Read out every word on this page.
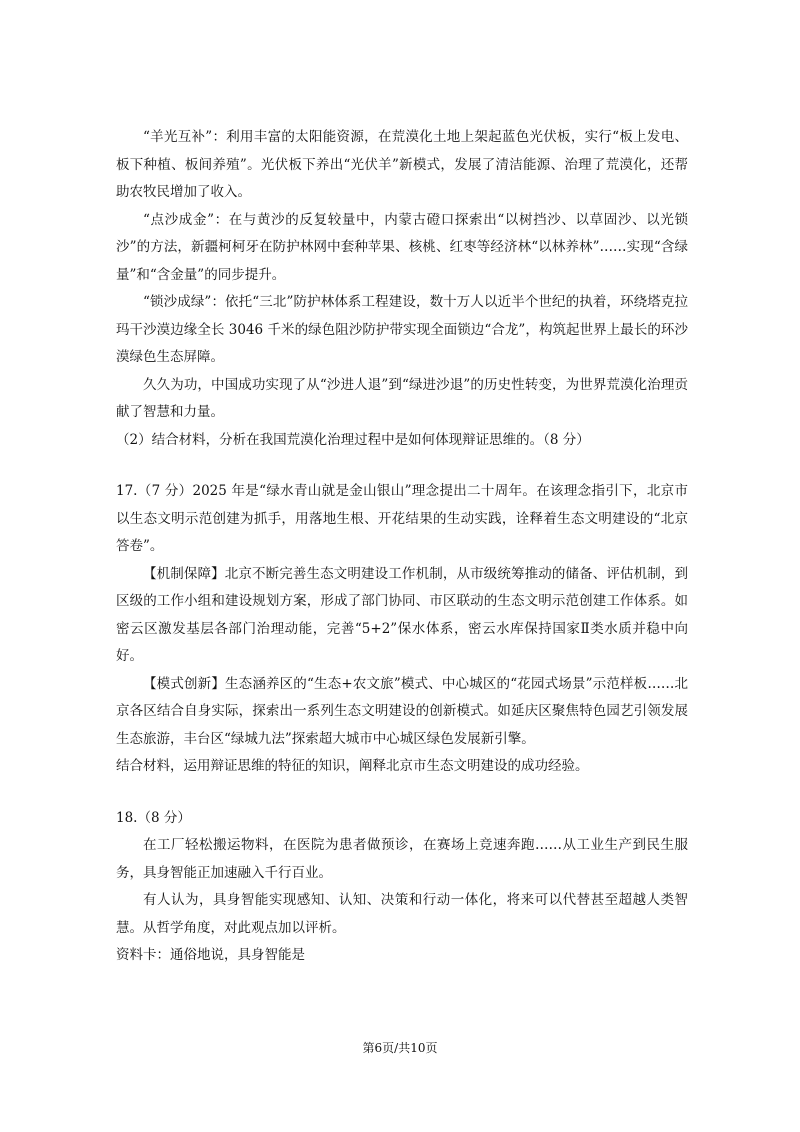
“羊光互补”：利用丰富的太阳能资源，在荒漠化土地上架起蓝色光伏板，实行“板上发电、板下种植、板间养殖”。光伏板下养出“光伏羊”新模式，发展了清洁能源、治理了荒漠化，还帮助农牧民增加了收入。

“点沙成金”：在与黄沙的反复较量中，内蒙古磴口探索出“以树挡沙、以草固沙、以光锁沙”的方法，新疆柯柯牙在防护林网中套种苹果、核桃、红枣等经济林“以林养林”……实现“含绿量”和“含金量”的同步提升。

“锁沙成绿”：依托“三北”防护林体系工程建设，数十万人以近半个世纪的执着，环绕塔克拉玛干沙漠边缘全长 3046 千米的绿色阻沙防护带实现全面锁边“合龙”，构筑起世界上最长的环沙漠绿色生态屏障。

久久为功，中国成功实现了从“沙进人退”到“绿进沙退”的历史性转变，为世界荒漠化治理贡献了智慧和力量。

（2）结合材料，分析在我国荒漠化治理过程中是如何体现辩证思维的。（8 分）

17.（7 分）2025 年是“绿水青山就是金山银山”理念提出二十周年。在该理念指引下，北京市以生态文明示范创建为抓手，用落地生根、开花结果的生动实践，诠释着生态文明建设的“北京答卷”。

【机制保障】北京不断完善生态文明建设工作机制，从市级统筹推动的储备、评估机制，到区级的工作小组和建设规划方案，形成了部门协同、市区联动的生态文明示范创建工作体系。如密云区激发基层各部门治理动能，完善“5+2”保水体系，密云水库保持国家Ⅱ类水质并稳中向好。

【模式创新】生态涵养区的“生态+农文旅”模式、中心城区的“花园式场景”示范样板……北京各区结合自身实际，探索出一系列生态文明建设的创新模式。如延庆区聚焦特色园艺引领发展生态旅游，丰台区“绿城九法”探索超大城市中心城区绿色发展新引擎。

结合材料，运用辩证思维的特征的知识，阐释北京市生态文明建设的成功经验。

18.（8 分）

在工厂轻松搬运物料，在医院为患者做预诊，在赛场上竞速奔跑……从工业生产到民生服务，具身智能正加速融入千行百业。

有人认为，具身智能实现感知、认知、决策和行动一体化，将来可以代替甚至超越人类智慧。从哲学角度，对此观点加以评析。

资料卡：通俗地说，具身智能是

第6页/共10页
